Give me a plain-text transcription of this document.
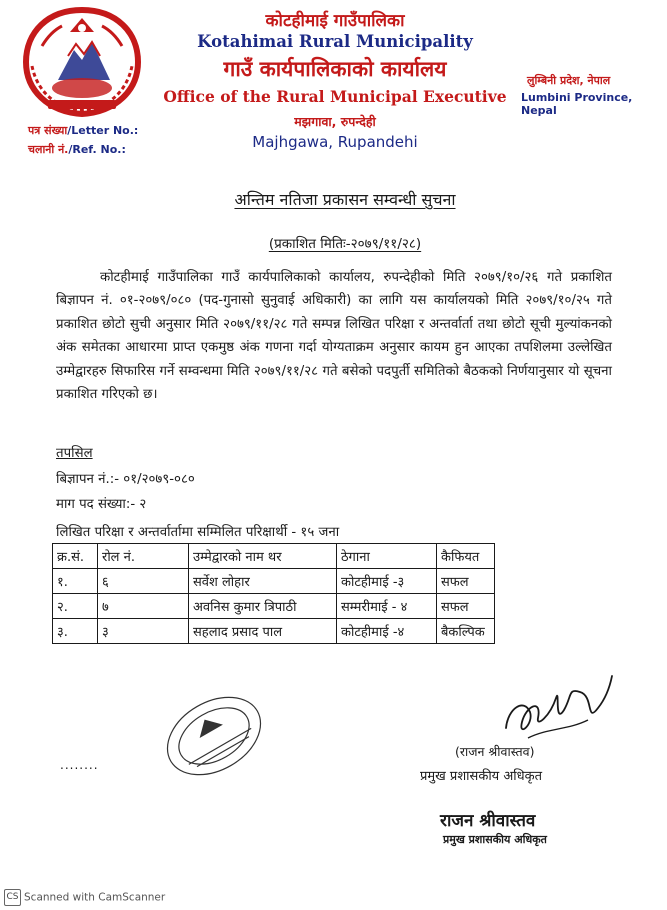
कोटहीमाई गाउँपालिका
Kotahimai Rural Municipality
गाउँ कार्यपालिकाको कार्यालय
Office of the Rural Municipal Executive
मझगावा, रुपन्देही
Majhgawa, Rupandehi
लुम्बिनी प्रदेश, नेपाल
Lumbini Province, Nepal
पत्र संख्या/Letter No.:
चलानी नं./Ref. No.:
अन्तिम नतिजा प्रकासन सम्वन्धी सुचना
(प्रकाशित मितिः-२०७९/११/२८)

कोटहीमाई गाउँपालिका गाउँ कार्यपालिकाको कार्यालय, रुपन्देहीको मिति २०७९/१०/२६ गते प्रकाशित बिज्ञापन नं. ०१-२०७९/०८० (पद-गुनासो सुनुवाई अधिकारी) का लागि यस कार्यालयको मिति २०७९/१०/२५ गते प्रकाशित छोटो सुची अनुसार मिति २०७९/११/२८ गते सम्पन्न लिखित परिक्षा र अन्तर्वार्ता तथा छोटो सूची मुल्यांकनको अंक समेतका आधारमा प्राप्त एकमुष्ठ अंक गणना गर्दा योग्यताक्रम अनुसार कायम हुन आएका तपशिलमा उल्लेखित उम्मेद्वारहरु सिफारिस गर्ने सम्वन्धमा मिति २०७९/११/२८ गते बसेको पदपुर्ती समितिको बैठकको निर्णयानुसार यो सूचना प्रकाशित गरिएको छ।

तपसिल
बिज्ञापन नं.:- ०१/२०७९-०८०
माग पद संख्या:- २
लिखित परिक्षा र अन्तर्वार्तामा सम्मिलित परिक्षार्थी - १५ जना
क्र.सं.	रोल नं.	उम्मेद्वारको नाम थर	ठेगाना	कैफियत
१.	६	सर्वेश लोहार	कोटहीमाई -३	सफल
२.	७	अवनिस कुमार त्रिपाठी	सम्मरीमाई - ४	सफल
३.	३	सहलाद प्रसाद पाल	कोटहीमाई -४	बैकल्पिक
........
(राजन श्रीवास्तव)
प्रमुख प्रशासकीय अधिकृत
राजन श्रीवास्तव
प्रमुख प्रशासकीय अधिकृत
CS Scanned with CamScanner
